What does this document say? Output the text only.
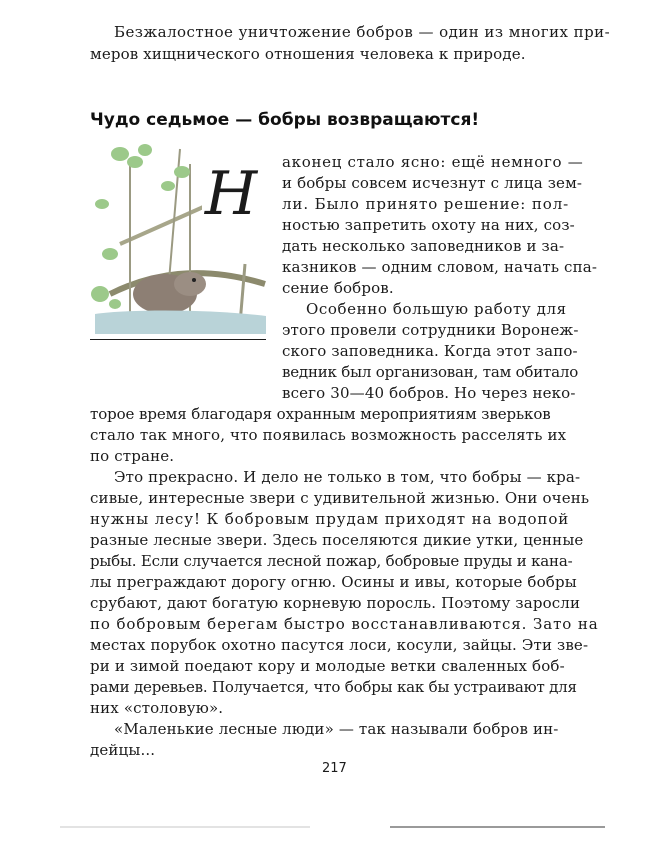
Безжалостное уничтожение бобров — один из многих при-
меров хищнического отношения человека к природе.
Чудо седьмое — бобры возвращаются!
Н аконец стало ясно: ещё немного —
и бобры совсем исчезнут с лица зем-
ли. Было принято решение: пол-
ностью запретить охоту на них, соз-
дать несколько заповедников и за-
казников — одним словом, начать спа-
сение бобров.
Особенно большую работу для
этого провели сотрудники Воронеж-
ского заповедника. Когда этот запо-
ведник был организован, там обитало
всего 30—40 бобров. Но через неко-
торое время благодаря охранным мероприятиям зверьков
стало так много, что появилась возможность расселять их
по стране.
Это прекрасно. И дело не только в том, что бобры — кра-
сивые, интересные звери с удивительной жизнью. Они очень
нужны лесу! К бобровым прудам приходят на водопой
разные лесные звери. Здесь поселяются дикие утки, ценные
рыбы. Если случается лесной пожар, бобровые пруды и кана-
лы преграждают дорогу огню. Осины и ивы, которые бобры
срубают, дают богатую корневую поросль. Поэтому заросли
по бобровым берегам быстро восстанавливаются. Зато на
местах порубок охотно пасутся лоси, косули, зайцы. Эти зве-
ри и зимой поедают кору и молодые ветки сваленных боб-
рами деревьев. Получается, что бобры как бы устраивают для
них «столовую».
«Маленькие лесные люди» — так называли бобров ин-
дейцы...
217
